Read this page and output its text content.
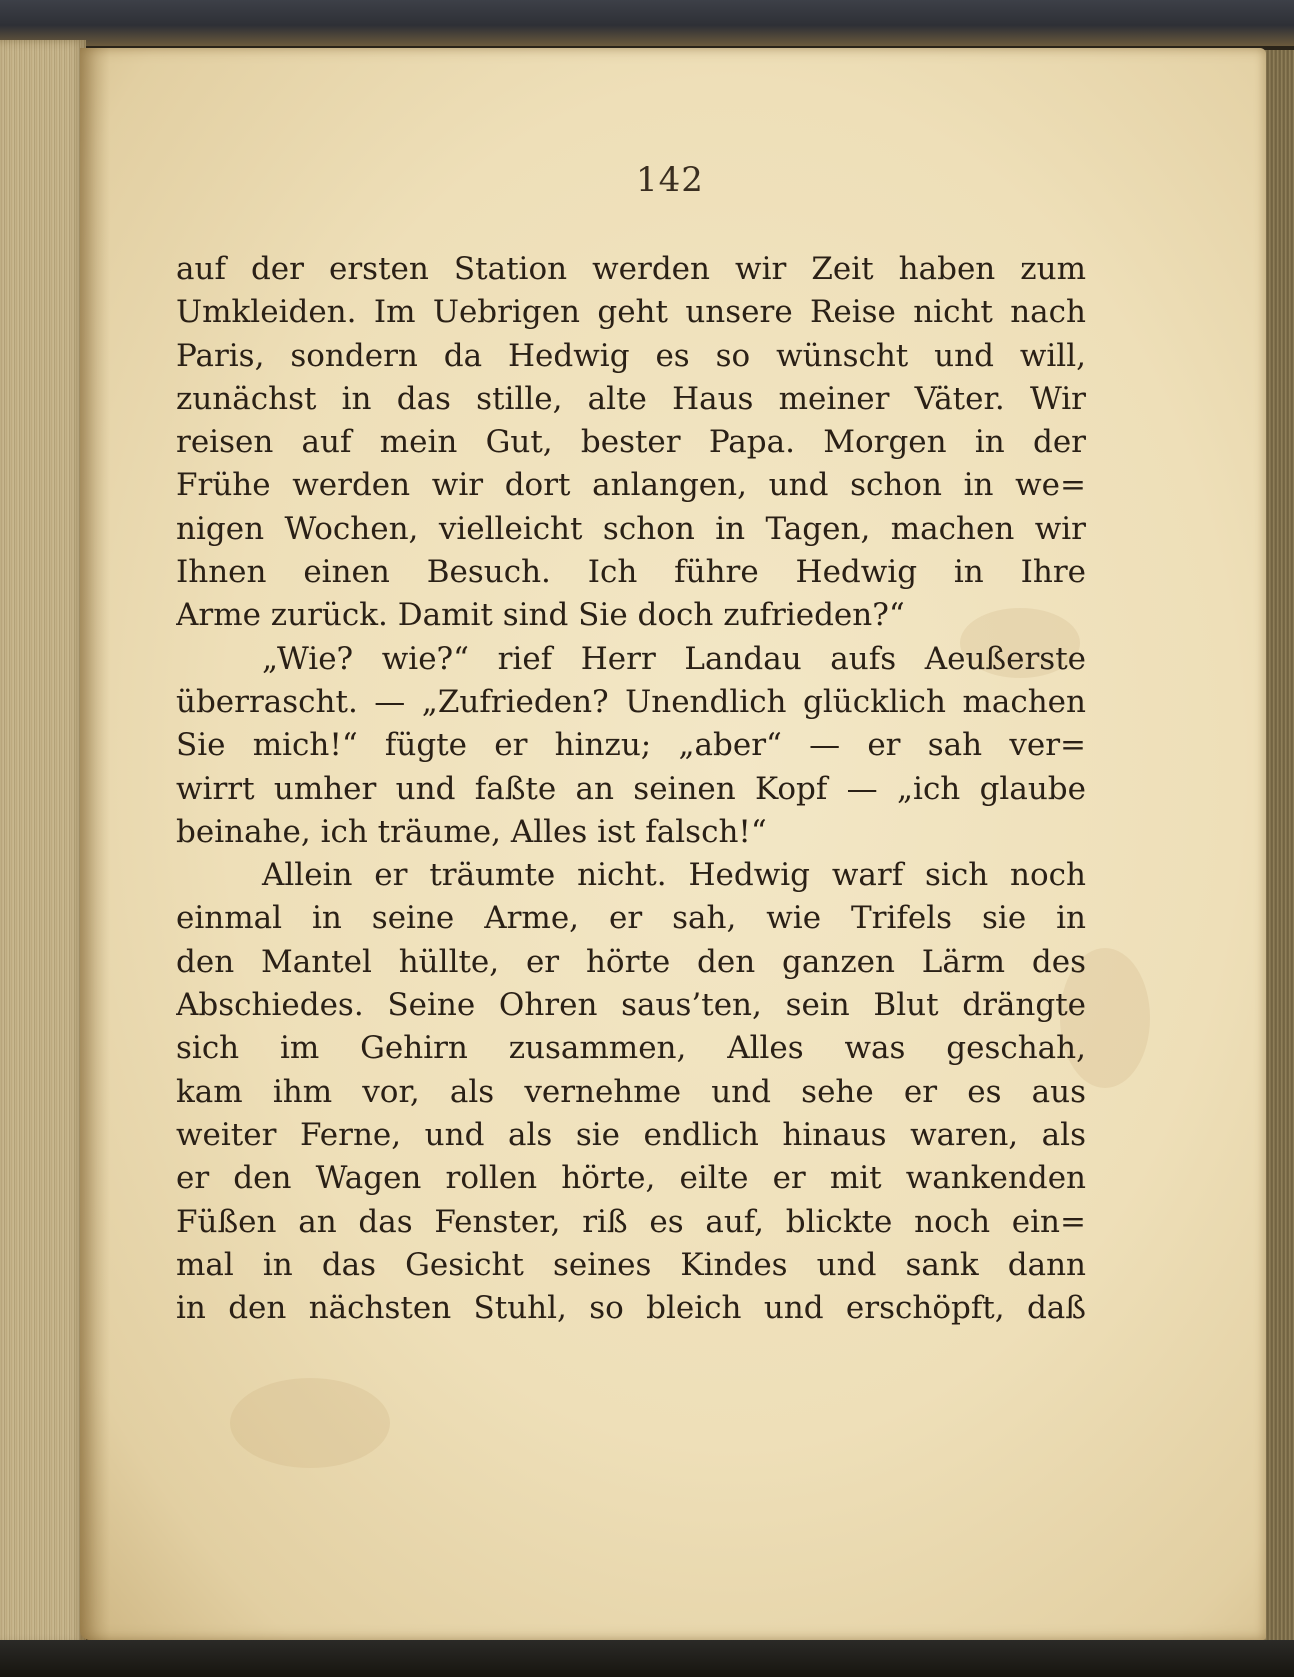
142
auf der ersten Station werden wir Zeit haben zum
Umkleiden. Im Uebrigen geht unsere Reise nicht nach
Paris, sondern da Hedwig es so wünscht und will,
zunächst in das stille, alte Haus meiner Väter. Wir
reisen auf mein Gut, bester Papa. Morgen in der
Frühe werden wir dort anlangen, und schon in we=
nigen Wochen, vielleicht schon in Tagen, machen wir
Ihnen einen Besuch. Ich führe Hedwig in Ihre
Arme zurück. Damit sind Sie doch zufrieden?“
„Wie? wie?“ rief Herr Landau aufs Aeußerste
überrascht. — „Zufrieden? Unendlich glücklich machen
Sie mich!“ fügte er hinzu; „aber“ — er sah ver=
wirrt umher und faßte an seinen Kopf — „ich glaube
beinahe, ich träume, Alles ist falsch!“
Allein er träumte nicht. Hedwig warf sich noch
einmal in seine Arme, er sah, wie Trifels sie in
den Mantel hüllte, er hörte den ganzen Lärm des
Abschiedes. Seine Ohren saus’ten, sein Blut drängte
sich im Gehirn zusammen, Alles was geschah,
kam ihm vor, als vernehme und sehe er es aus
weiter Ferne, und als sie endlich hinaus waren, als
er den Wagen rollen hörte, eilte er mit wankenden
Füßen an das Fenster, riß es auf, blickte noch ein=
mal in das Gesicht seines Kindes und sank dann
in den nächsten Stuhl, so bleich und erschöpft, daß
